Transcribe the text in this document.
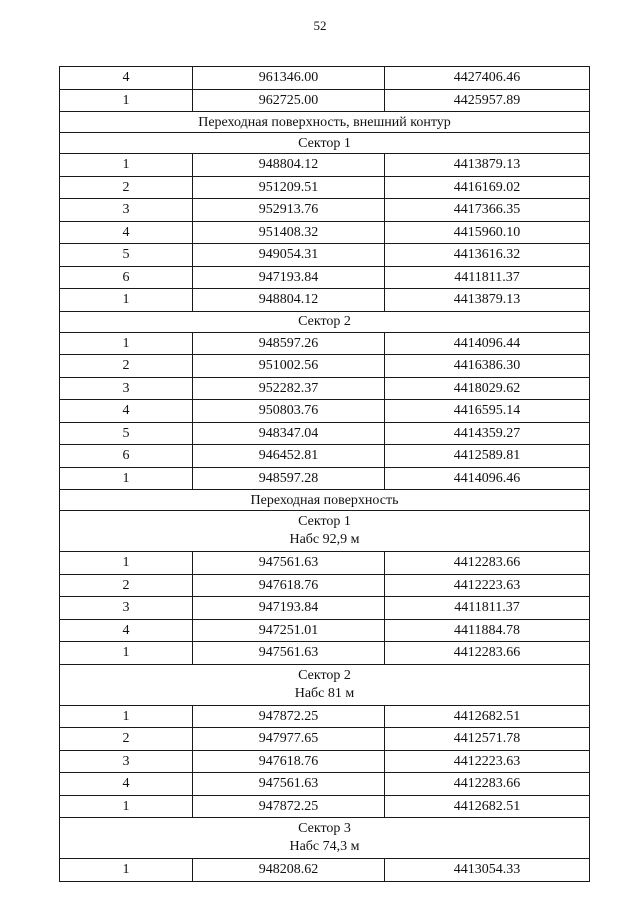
52
4	961346.00	4427406.46
1	962725.00	4425957.89

Переходная поверхность, внешний контур		

Сектор 1		

1	948804.12	4413879.13
2	951209.51	4416169.02
3	952913.76	4417366.35
4	951408.32	4415960.10
5	949054.31	4413616.32
6	947193.84	4411811.37
1	948804.12	4413879.13

Сектор 2		

1	948597.26	4414096.44
2	951002.56	4416386.30
3	952282.37	4418029.62
4	950803.76	4416595.14
5	948347.04	4414359.27
6	946452.81	4412589.81
1	948597.28	4414096.46

Переходная поверхность		

Сектор 1
Набс 92,9 м		

1	947561.63	4412283.66
2	947618.76	4412223.63
3	947193.84	4411811.37
4	947251.01	4411884.78
1	947561.63	4412283.66

Сектор 2
Набс 81 м		

1	947872.25	4412682.51
2	947977.65	4412571.78
3	947618.76	4412223.63
4	947561.63	4412283.66
1	947872.25	4412682.51

Сектор 3
Набс 74,3 м		

1	948208.62	4413054.33
